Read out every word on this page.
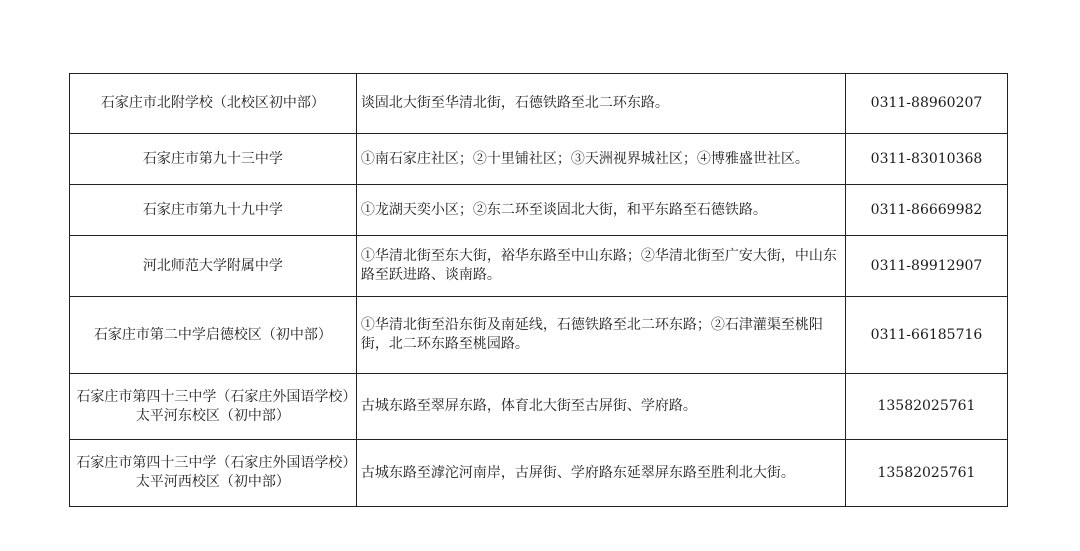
石家庄市北附学校（北校区初中部）	谈固北大街至华清北街，石德铁路至北二环东路。	0311-88960207
石家庄市第九十三中学	①南石家庄社区；②十里铺社区；③天洲视界城社区；④博雅盛世社区。	0311-83010368
石家庄市第九十九中学	①龙湖天奕小区；②东二环至谈固北大街，和平东路至石德铁路。	0311-86669982
河北师范大学附属中学	①华清北街至东大街，裕华东路至中山东路；②华清北街至广安大街，中山东路至跃进路、谈南路。	0311-89912907
石家庄市第二中学启德校区（初中部）	①华清北街至沿东街及南延线，石德铁路至北二环东路；②石津灌渠至桃阳街，北二环东路至桃园路。	0311-66185716
石家庄市第四十三中学（石家庄外国语学校）太平河东校区（初中部）	古城东路至翠屏东路，体育北大街至古屏街、学府路。	13582025761
石家庄市第四十三中学（石家庄外国语学校）太平河西校区（初中部）	古城东路至滹沱河南岸，古屏街、学府路东延翠屏东路至胜利北大街。	13582025761
